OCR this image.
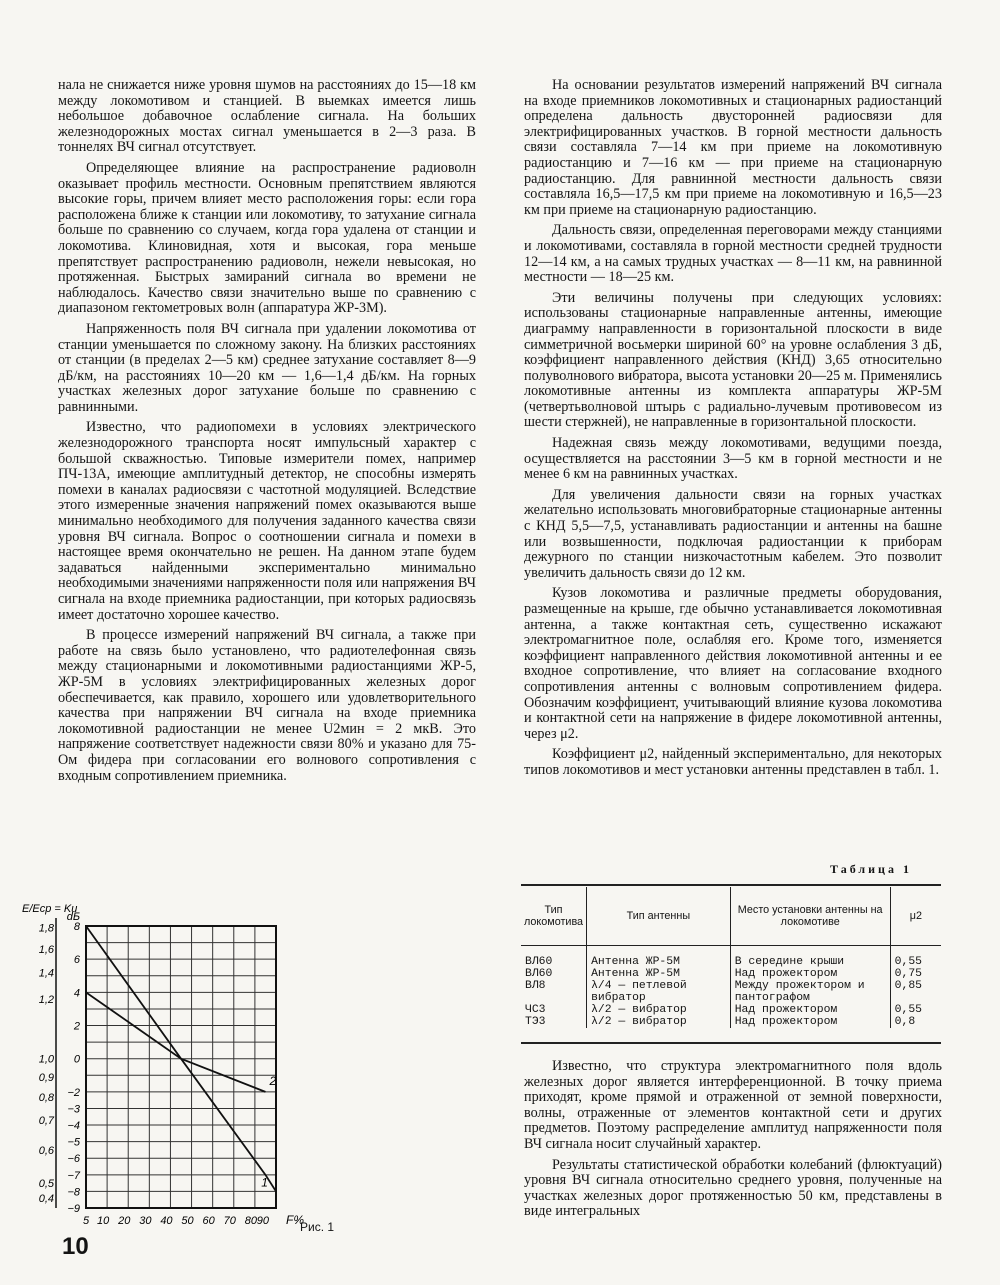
нала не снижается ниже уровня шумов на расстояниях до 15—18 км между локомотивом и станцией. В выемках имеется лишь небольшое добавочное ослабление сигнала. На больших железнодорожных мостах сигнал уменьшается в 2—3 раза. В тоннелях ВЧ сигнал отсутствует.

Определяющее влияние на распространение радиоволн оказывает профиль местности. Основным препятствием являются высокие горы, причем влияет место расположения горы: если гора расположена ближе к станции или локомотиву, то затухание сигнала больше по сравнению со случаем, когда гора удалена от станции и локомотива. Клиновидная, хотя и высокая, гора меньше препятствует распространению радиоволн, нежели невысокая, но протяженная. Быстрых замираний сигнала во времени не наблюдалось. Качество связи значительно выше по сравнению с диапазоном гектометровых волн (аппаратура ЖР-3М).

Напряженность поля ВЧ сигнала при удалении локомотива от станции уменьшается по сложному закону. На близких расстояниях от станции (в пределах 2—5 км) среднее затухание составляет 8—9 дБ/км, на расстояниях 10—20 км — 1,6—1,4 дБ/км. На горных участках железных дорог затухание больше по сравнению с равнинными.

Известно, что радиопомехи в условиях электрического железнодорожного транспорта носят импульсный характер с большой скважностью. Типовые измерители помех, например ПЧ-13А, имеющие амплитудный детектор, не способны измерять помехи в каналах радиосвязи с частотной модуляцией. Вследствие этого измеренные значения напряжений помех оказываются выше минимально необходимого для получения заданного качества связи уровня ВЧ сигнала. Вопрос о соотношении сигнала и помехи в настоящее время окончательно не решен. На данном этапе будем задаваться найденными экспериментально минимально необходимыми значениями напряженности поля или напряжения ВЧ сигнала на входе приемника радиостанции, при которых радиосвязь имеет достаточно хорошее качество.

В процессе измерений напряжений ВЧ сигнала, а также при работе на связь было установлено, что радиотелефонная связь между стационарными и локомотивными радиостанциями ЖР-5, ЖР-5М в условиях электрифицированных железных дорог обеспечивается, как правило, хорошего или удовлетворительного качества при напряжении ВЧ сигнала на входе приемника локомотивной радиостанции не менее U2мин = 2 мкВ. Это напряжение соответствует надежности связи 80% и указано для 75-Ом фидера при согласовании его волнового сопротивления с входным сопротивлением приемника.

На основании результатов измерений напряжений ВЧ сигнала на входе приемников локомотивных и стационарных радиостанций определена дальность двусторонней радиосвязи для электрифицированных участков. В горной местности дальность связи составляла 7—14 км при приеме на локомотивную радиостанцию и 7—16 км — при приеме на стационарную радиостанцию. Для равнинной местности дальность связи составляла 16,5—17,5 км при приеме на локомотивную и 16,5—23 км при приеме на стационарную радиостанцию.

Дальность связи, определенная переговорами между станциями и локомотивами, составляла в горной местности средней трудности 12—14 км, а на самых трудных участках — 8—11 км, на равнинной местности — 18—25 км.

Эти величины получены при следующих условиях: использованы стационарные направленные антенны, имеющие диаграмму направленности в горизонтальной плоскости в виде симметричной восьмерки шириной 60° на уровне ослабления 3 дБ, коэффициент направленного действия (КНД) 3,65 относительно полуволнового вибратора, высота установки 20—25 м. Применялись локомотивные антенны из комплекта аппаратуры ЖР-5М (четвертьволновой штырь с радиально-лучевым противовесом из шести стержней), не направленные в горизонтальной плоскости.

Надежная связь между локомотивами, ведущими поезда, осуществляется на расстоянии 3—5 км в горной местности и не менее 6 км на равнинных участках.

Для увеличения дальности связи на горных участках желательно использовать многовибраторные стационарные антенны с КНД 5,5—7,5, устанавливать радиостанции и антенны на башне или возвышенности, подключая радиостанции к приборам дежурного по станции низкочастотным кабелем. Это позволит увеличить дальность связи до 12 км.

Кузов локомотива и различные предметы оборудования, размещенные на крыше, где обычно устанавливается локомотивная антенна, а также контактная сеть, существенно искажают электромагнитное поле, ослабляя его. Кроме того, изменяется коэффициент направленного действия локомотивной антенны и ее входное сопротивление, что влияет на согласование входного сопротивления антенны с волновым сопротивлением фидера. Обозначим коэффициент, учитывающий влияние кузова локомотива и контактной сети на напряжение в фидере локомотивной антенны, через μ2.

Коэффициент μ2, найденный экспериментально, для некоторых типов локомотивов и мест установки антенны представлен в табл. 1.

Таблица 1
Тип локомотива	Тип антенны	Место установки антенны на локомотиве	μ2
ВЛ60	Антенна ЖР-5М	В середине крыши	0,55
ВЛ60	Антенна ЖР-5М	Над прожектором	0,75
ВЛ8	λ/4 — петлевой вибратор	Между прожектором и пантографом	0,85
ЧС3	λ/2 — вибратор	Над прожектором	0,55
ТЭ3	λ/2 — вибратор	Над прожектором	0,8

Известно, что структура электромагнитного поля вдоль железных дорог является интерференционной. В точку приема приходят, кроме прямой и отраженной от земной поверхности, волны, отраженные от элементов контактной сети и других предметов. Поэтому распределение амплитуд напряженности поля ВЧ сигнала носит случайный характер.

Результаты статистической обработки колебаний (флюктуаций) уровня ВЧ сигнала относительно среднего уровня, полученные на участках железных дорог протяженностью 50 км, представлены в виде интегральных

dБ
8
6
4
2
0
−2
−3
−4
−5
−6
−7
−8
−9
1,8
1,6
1,4
1,2
1,0
0,9
0,8
0,7
0,6
0,5
0,4
E/Eср = Kи
5 10 20 30 40 50 60 70 80 90 F%
1
2
Рис. 1
10
